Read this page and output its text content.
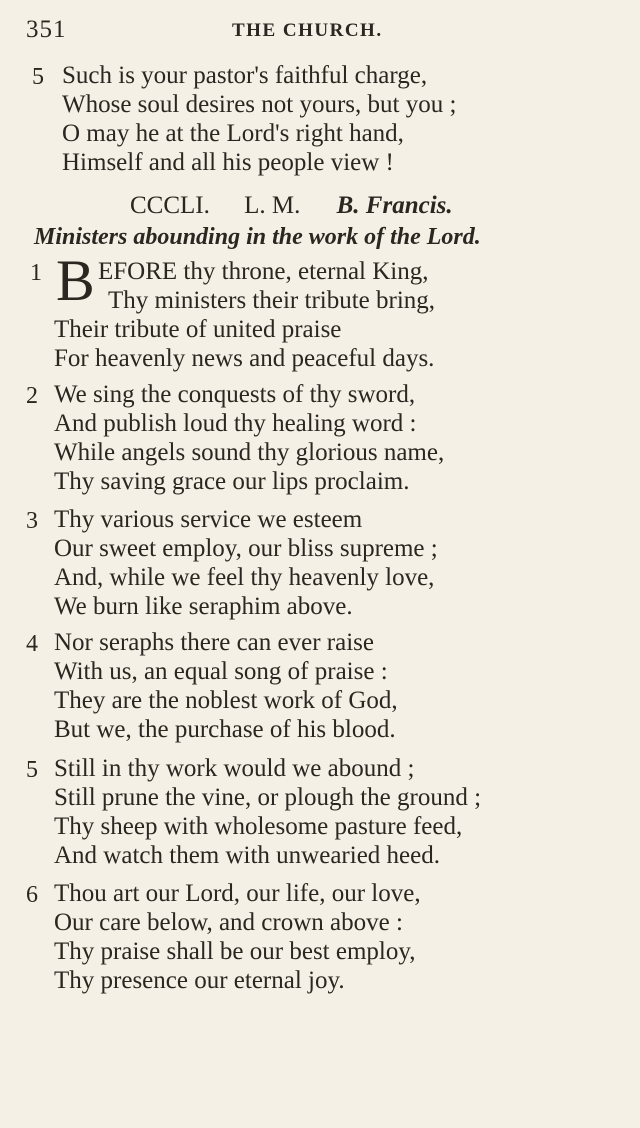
351	THE CHURCH.
5 Such is your pastor's faithful charge,
Whose soul desires not yours, but you ;
O may he at the Lord's right hand,
Himself and all his people view !
CCCLI. L. M. B. Francis.
Ministers abounding in the work of the Lord.
1 B EFORE thy throne, eternal King,
Thy ministers their tribute bring,
Their tribute of united praise
For heavenly news and peaceful days.
2 We sing the conquests of thy sword,
And publish loud thy healing word :
While angels sound thy glorious name,
Thy saving grace our lips proclaim.
3 Thy various service we esteem
Our sweet employ, our bliss supreme ;
And, while we feel thy heavenly love,
We burn like seraphim above.
4 Nor seraphs there can ever raise
With us, an equal song of praise :
They are the noblest work of God,
But we, the purchase of his blood.
5 Still in thy work would we abound ;
Still prune the vine, or plough the ground ;
Thy sheep with wholesome pasture feed,
And watch them with unwearied heed.
6 Thou art our Lord, our life, our love,
Our care below, and crown above :
Thy praise shall be our best employ,
Thy presence our eternal joy.
